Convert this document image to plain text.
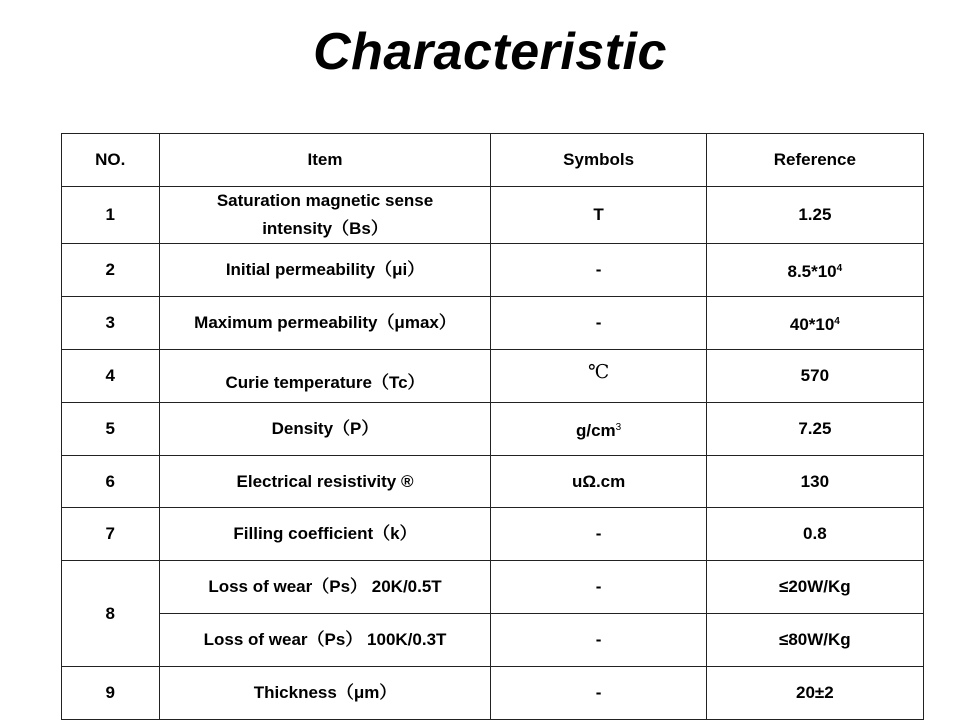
Characteristic
NO.	Item	Symbols	Reference
1	Saturation magnetic sense intensity（Bs）	T	1.25
2	Initial permeability（μi）	-	$8.5*10^4$
3	Maximum permeability（μmax）	-	$40*10^4$
4	Curie temperature（Tc）	℃	570
5	Density（P）	$g/cm^3$	7.25
6	Electrical resistivity ®	uΩ.cm	130
7	Filling coefficient（k）	-	0.8
8	Loss of wear（Ps） 20K/0.5T	-	≤20W/Kg
	Loss of wear（Ps） 100K/0.3T	-	≤80W/Kg
9	Thickness（μm）	-	20±2
